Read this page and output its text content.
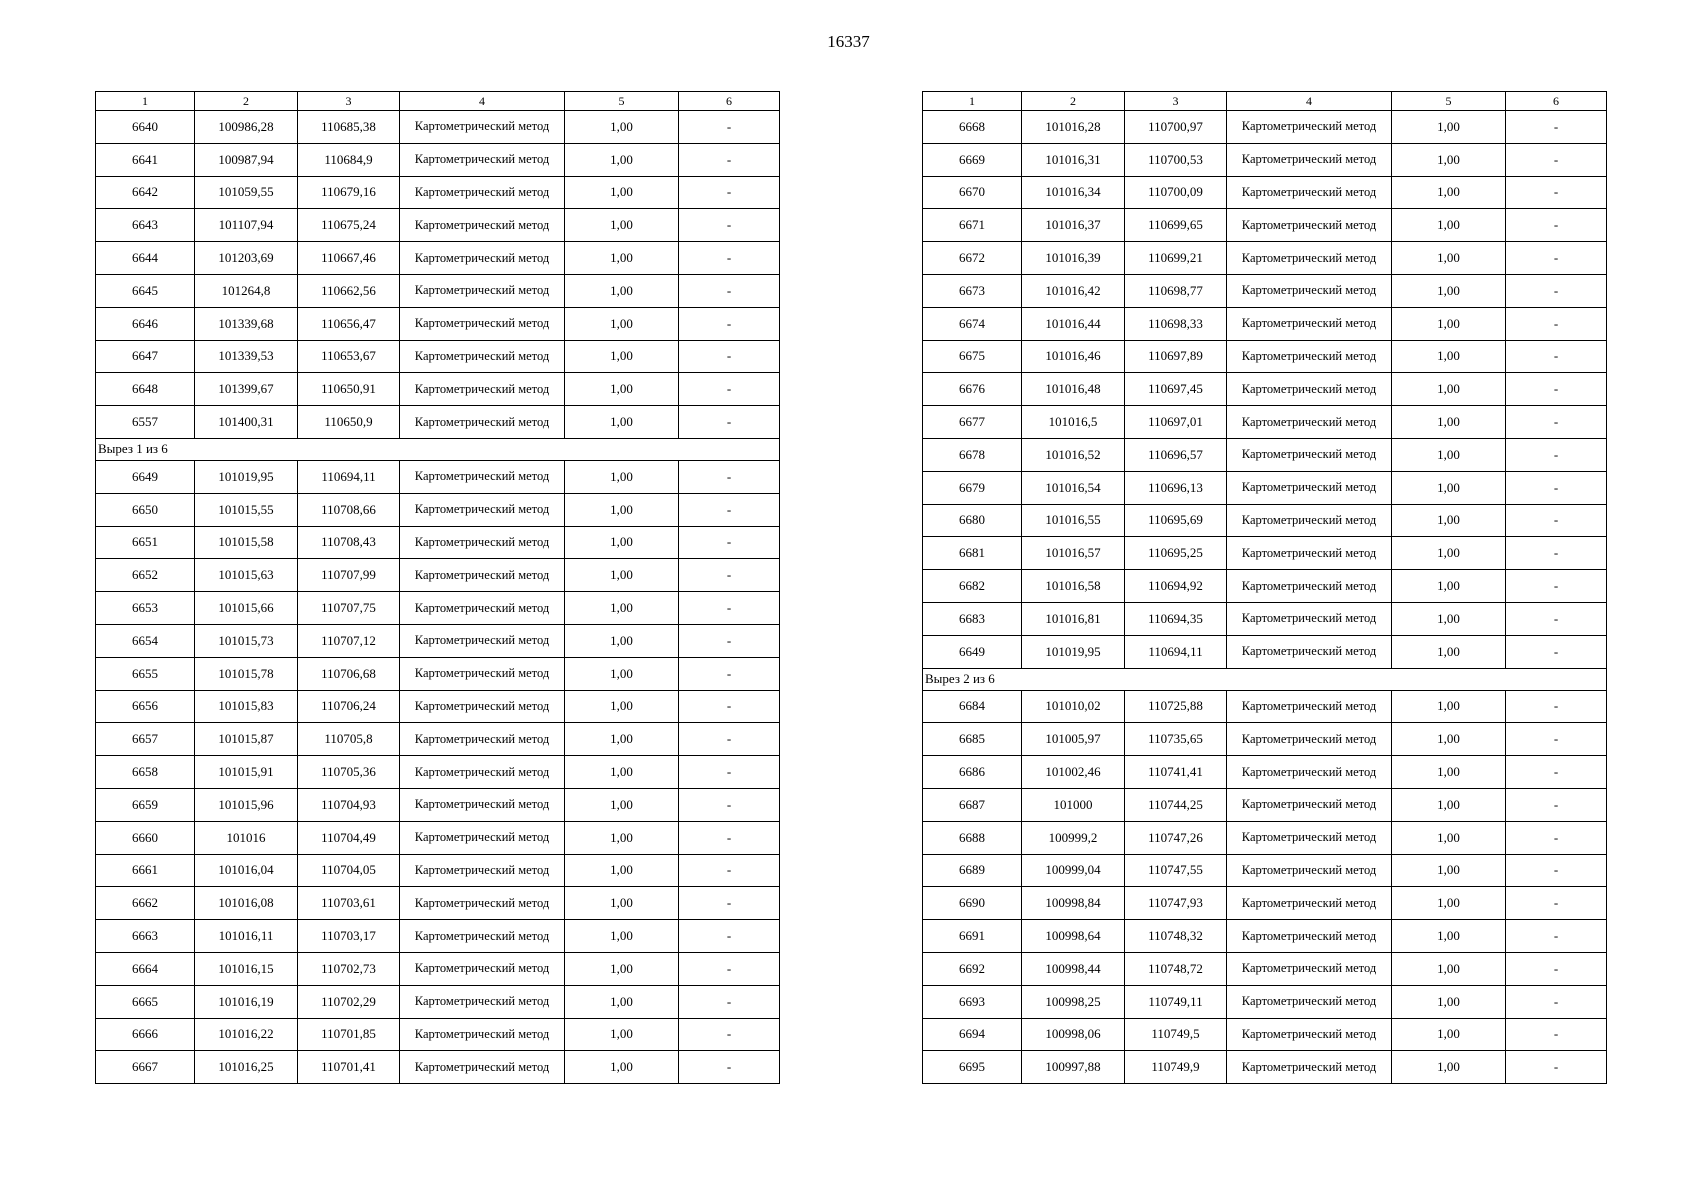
16337
1	2	3	4	5	6
6640	100986,28	110685,38	Картометрический метод	1,00	-
6641	100987,94	110684,9	Картометрический метод	1,00	-
6642	101059,55	110679,16	Картометрический метод	1,00	-
6643	101107,94	110675,24	Картометрический метод	1,00	-
6644	101203,69	110667,46	Картометрический метод	1,00	-
6645	101264,8	110662,56	Картометрический метод	1,00	-
6646	101339,68	110656,47	Картометрический метод	1,00	-
6647	101339,53	110653,67	Картометрический метод	1,00	-
6648	101399,67	110650,91	Картометрический метод	1,00	-
6557	101400,31	110650,9	Картометрический метод	1,00	-
Вырез 1 из 6					
6649	101019,95	110694,11	Картометрический метод	1,00	-
6650	101015,55	110708,66	Картометрический метод	1,00	-
6651	101015,58	110708,43	Картометрический метод	1,00	-
6652	101015,63	110707,99	Картометрический метод	1,00	-
6653	101015,66	110707,75	Картометрический метод	1,00	-
6654	101015,73	110707,12	Картометрический метод	1,00	-
6655	101015,78	110706,68	Картометрический метод	1,00	-
6656	101015,83	110706,24	Картометрический метод	1,00	-
6657	101015,87	110705,8	Картометрический метод	1,00	-
6658	101015,91	110705,36	Картометрический метод	1,00	-
6659	101015,96	110704,93	Картометрический метод	1,00	-
6660	101016	110704,49	Картометрический метод	1,00	-
6661	101016,04	110704,05	Картометрический метод	1,00	-
6662	101016,08	110703,61	Картометрический метод	1,00	-
6663	101016,11	110703,17	Картометрический метод	1,00	-
6664	101016,15	110702,73	Картометрический метод	1,00	-
6665	101016,19	110702,29	Картометрический метод	1,00	-
6666	101016,22	110701,85	Картометрический метод	1,00	-
6667	101016,25	110701,41	Картометрический метод	1,00	-
1	2	3	4	5	6
6668	101016,28	110700,97	Картометрический метод	1,00	-
6669	101016,31	110700,53	Картометрический метод	1,00	-
6670	101016,34	110700,09	Картометрический метод	1,00	-
6671	101016,37	110699,65	Картометрический метод	1,00	-
6672	101016,39	110699,21	Картометрический метод	1,00	-
6673	101016,42	110698,77	Картометрический метод	1,00	-
6674	101016,44	110698,33	Картометрический метод	1,00	-
6675	101016,46	110697,89	Картометрический метод	1,00	-
6676	101016,48	110697,45	Картометрический метод	1,00	-
6677	101016,5	110697,01	Картометрический метод	1,00	-
6678	101016,52	110696,57	Картометрический метод	1,00	-
6679	101016,54	110696,13	Картометрический метод	1,00	-
6680	101016,55	110695,69	Картометрический метод	1,00	-
6681	101016,57	110695,25	Картометрический метод	1,00	-
6682	101016,58	110694,92	Картометрический метод	1,00	-
6683	101016,81	110694,35	Картометрический метод	1,00	-
6649	101019,95	110694,11	Картометрический метод	1,00	-
Вырез 2 из 6					
6684	101010,02	110725,88	Картометрический метод	1,00	-
6685	101005,97	110735,65	Картометрический метод	1,00	-
6686	101002,46	110741,41	Картометрический метод	1,00	-
6687	101000	110744,25	Картометрический метод	1,00	-
6688	100999,2	110747,26	Картометрический метод	1,00	-
6689	100999,04	110747,55	Картометрический метод	1,00	-
6690	100998,84	110747,93	Картометрический метод	1,00	-
6691	100998,64	110748,32	Картометрический метод	1,00	-
6692	100998,44	110748,72	Картометрический метод	1,00	-
6693	100998,25	110749,11	Картометрический метод	1,00	-
6694	100998,06	110749,5	Картометрический метод	1,00	-
6695	100997,88	110749,9	Картометрический метод	1,00	-
